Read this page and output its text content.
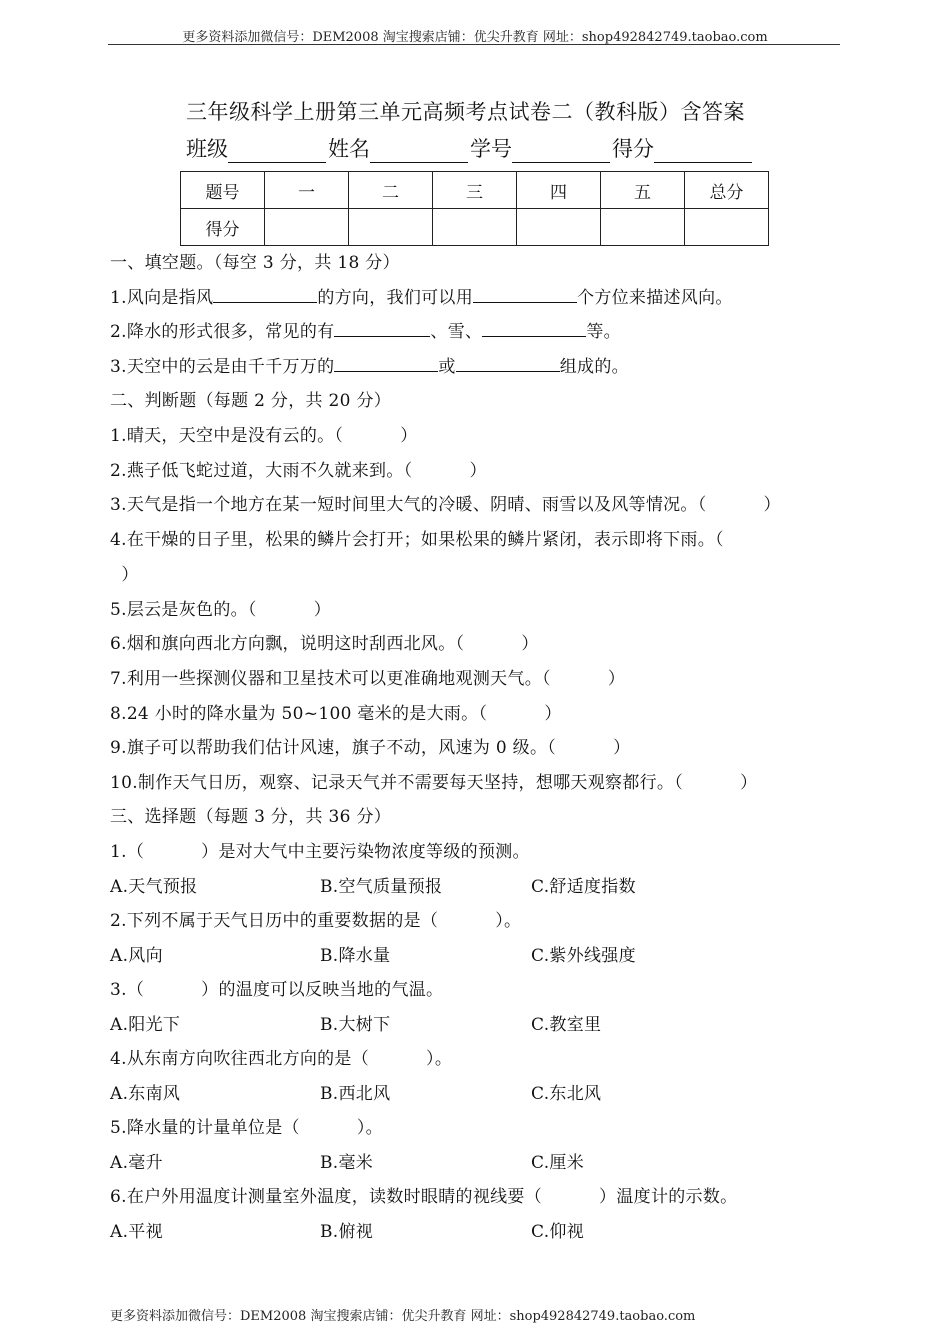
更多资料添加微信号：DEM2008 淘宝搜索店铺：优尖升教育 网址：shop492842749.taobao.com
三年级科学上册第三单元高频考点试卷二（教科版）含答案
班级	姓名	学号	得分
题号	一	二	三	四	五	总分
得分						
一、填空题。（每空 3 分，共 18 分）
1.风向是指风	的方向，我们可以用	个方位来描述风向。
2.降水的形式很多，常见的有	、雪、	等。
3.天空中的云是由千千万万的	或	组成的。
二、判断题（每题 2 分，共 20 分）
1.晴天，天空中是没有云的。（          ）
2.燕子低飞蛇过道，大雨不久就来到。（          ）
3.天气是指一个地方在某一短时间里大气的冷暖、阴晴、雨雪以及风等情况。（          ）
4.在干燥的日子里，松果的鳞片会打开；如果松果的鳞片紧闭，表示即将下雨。（
）
5.层云是灰色的。（          ）
6.烟和旗向西北方向飘，说明这时刮西北风。（          ）
7.利用一些探测仪器和卫星技术可以更准确地观测天气。（          ）
8.24 小时的降水量为 50~100 毫米的是大雨。（          ）
9.旗子可以帮助我们估计风速，旗子不动，风速为 0 级。（          ）
10.制作天气日历，观察、记录天气并不需要每天坚持，想哪天观察都行。（          ）
三、选择题（每题 3 分，共 36 分）
1.（          ）是对大气中主要污染物浓度等级的预测。
A.天气预报	B.空气质量预报	C.舒适度指数
2.下列不属于天气日历中的重要数据的是（          ）。
A.风向	B.降水量	C.紫外线强度
3.（          ）的温度可以反映当地的气温。
A.阳光下	B.大树下	C.教室里
4.从东南方向吹往西北方向的是（          ）。
A.东南风	B.西北风	C.东北风
5.降水量的计量单位是（          ）。
A.毫升	B.毫米	C.厘米
6.在户外用温度计测量室外温度，读数时眼睛的视线要（          ）温度计的示数。
A.平视	B.俯视	C.仰视
更多资料添加微信号：DEM2008 淘宝搜索店铺：优尖升教育 网址：shop492842749.taobao.com
